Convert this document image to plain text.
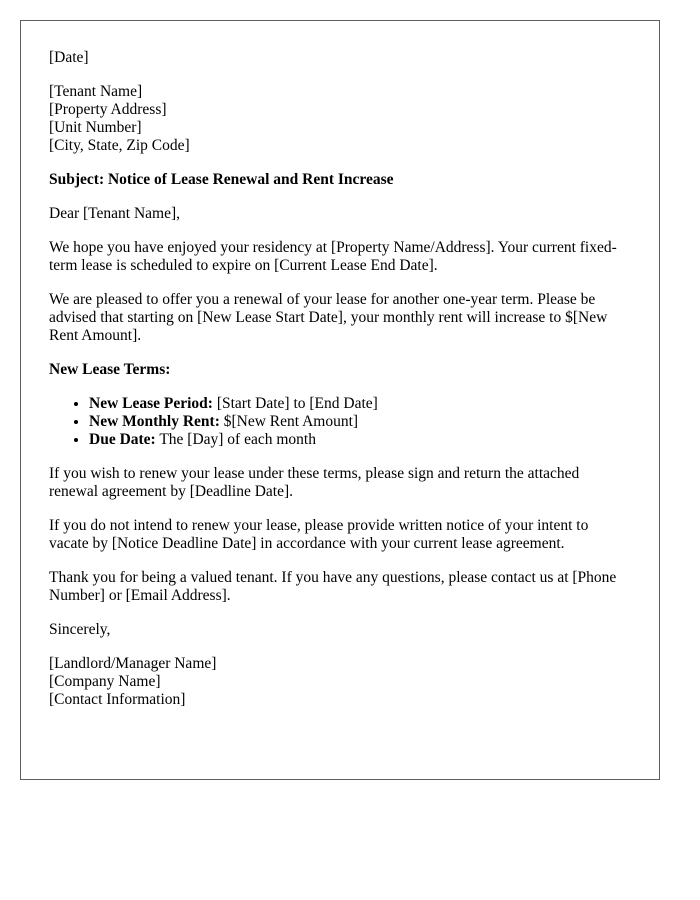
[Date]

[Tenant Name]
[Property Address]
[Unit Number]
[City, State, Zip Code]

Subject: Notice of Lease Renewal and Rent Increase

Dear [Tenant Name],

We hope you have enjoyed your residency at [Property Name/Address]. Your current fixed-term lease is scheduled to expire on [Current Lease End Date].

We are pleased to offer you a renewal of your lease for another one-year term. Please be advised that starting on [New Lease Start Date], your monthly rent will increase to $[New Rent Amount].

New Lease Terms:

• New Lease Period: [Start Date] to [End Date]
• New Monthly Rent: $[New Rent Amount]
• Due Date: The [Day] of each month

If you wish to renew your lease under these terms, please sign and return the attached renewal agreement by [Deadline Date].

If you do not intend to renew your lease, please provide written notice of your intent to vacate by [Notice Deadline Date] in accordance with your current lease agreement.

Thank you for being a valued tenant. If you have any questions, please contact us at [Phone Number] or [Email Address].

Sincerely,

[Landlord/Manager Name]
[Company Name]
[Contact Information]
